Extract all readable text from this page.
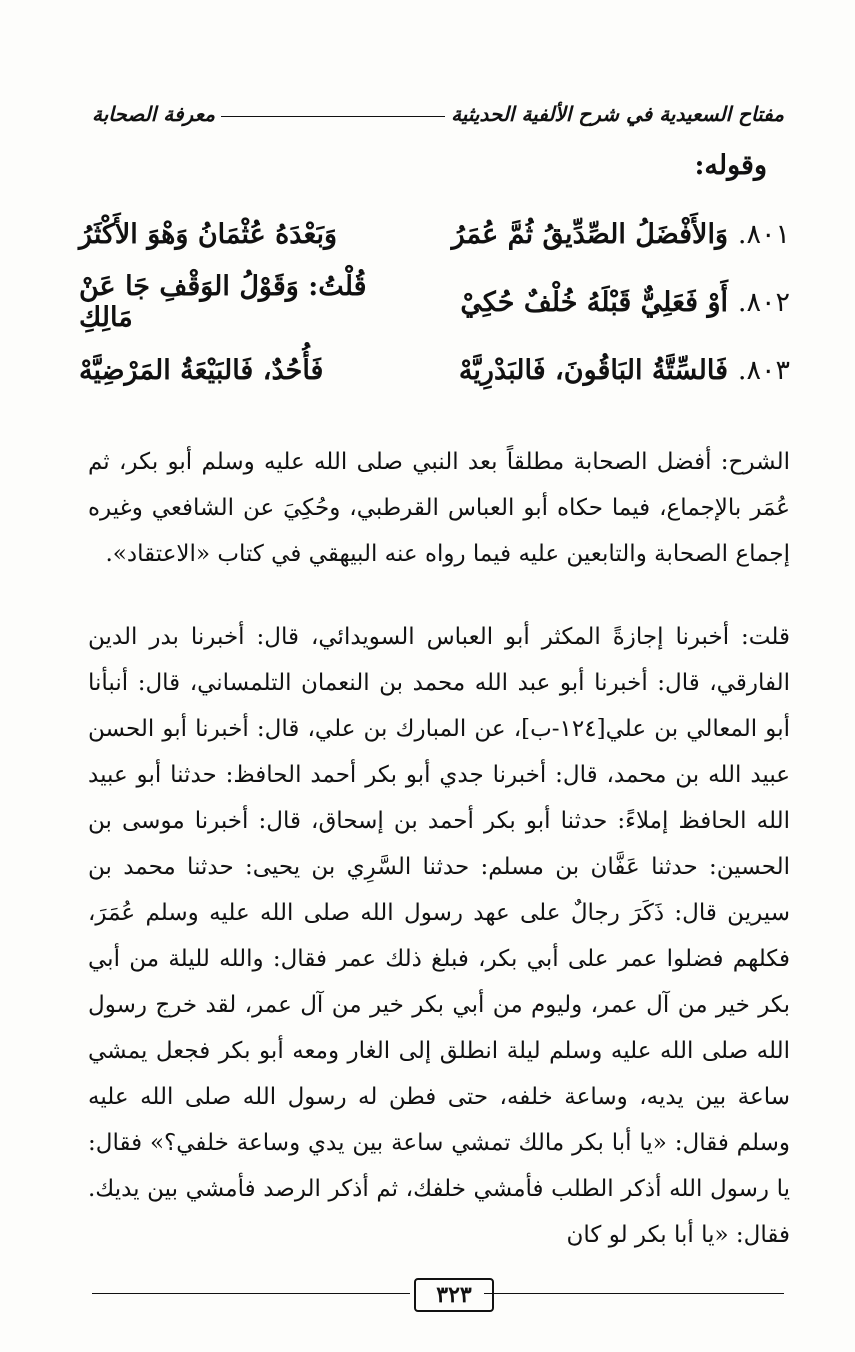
مفتاح السعيدية في شرح الألفية الحديثية
معرفة الصحابة
وقوله:
٨٠١.
وَالأَفْضَلُ الصِّدِّيقُ ثُمَّ عُمَرُ
وَبَعْدَهُ عُثْمَانُ وَهْوَ الأَكْثَرُ
٨٠٢.
أَوْ فَعَلِيٌّ قَبْلَهُ خُلْفٌ حُكِيْ
قُلْتُ: وَقَوْلُ الوَقْفِ جَا عَنْ مَالِكِ
٨٠٣.
فَالسِّتَّةُ البَاقُونَ، فَالبَدْرِيَّهْ
فَأُحُدٌ، فَالبَيْعَةُ المَرْضِيَّهْ

الشرح: أفضل الصحابة مطلقاً بعد النبي صلى الله عليه وسلم أبو بكر، ثم عُمَر بالإجماع، فيما حكاه أبو العباس القرطبي، وحُكِيَ عن الشافعي وغيره إجماع الصحابة والتابعين عليه فيما رواه عنه البيهقي في كتاب «الاعتقاد».

قلت: أخبرنا إجازةً المكثر أبو العباس السويدائي، قال: أخبرنا بدر الدين الفارقي، قال: أخبرنا أبو عبد الله محمد بن النعمان التلمساني، قال: أنبأنا أبو المعالي بن علي[١٢٤-ب]، عن المبارك بن علي، قال: أخبرنا أبو الحسن عبيد الله بن محمد، قال: أخبرنا جدي أبو بكر أحمد الحافظ: حدثنا أبو عبيد الله الحافظ إملاءً: حدثنا أبو بكر أحمد بن إسحاق، قال: أخبرنا موسى بن الحسين: حدثنا عَفَّان بن مسلم: حدثنا السَّرِي بن يحيى: حدثنا محمد بن سيرين قال: ذَكَرَ رجالٌ على عهد رسول الله صلى الله عليه وسلم عُمَرَ، فكلهم فضلوا عمر على أبي بكر، فبلغ ذلك عمر فقال: والله لليلة من أبي بكر خير من آل عمر، وليوم من أبي بكر خير من آل عمر، لقد خرج رسول الله صلى الله عليه وسلم ليلة انطلق إلى الغار ومعه أبو بكر فجعل يمشي ساعة بين يديه، وساعة خلفه، حتى فطن له رسول الله صلى الله عليه وسلم فقال: «يا أبا بكر مالك تمشي ساعة بين يدي وساعة خلفي؟» فقال: يا رسول الله أذكر الطلب فأمشي خلفك، ثم أذكر الرصد فأمشي بين يديك. فقال: «يا أبا بكر لو كان

٣٢٣
